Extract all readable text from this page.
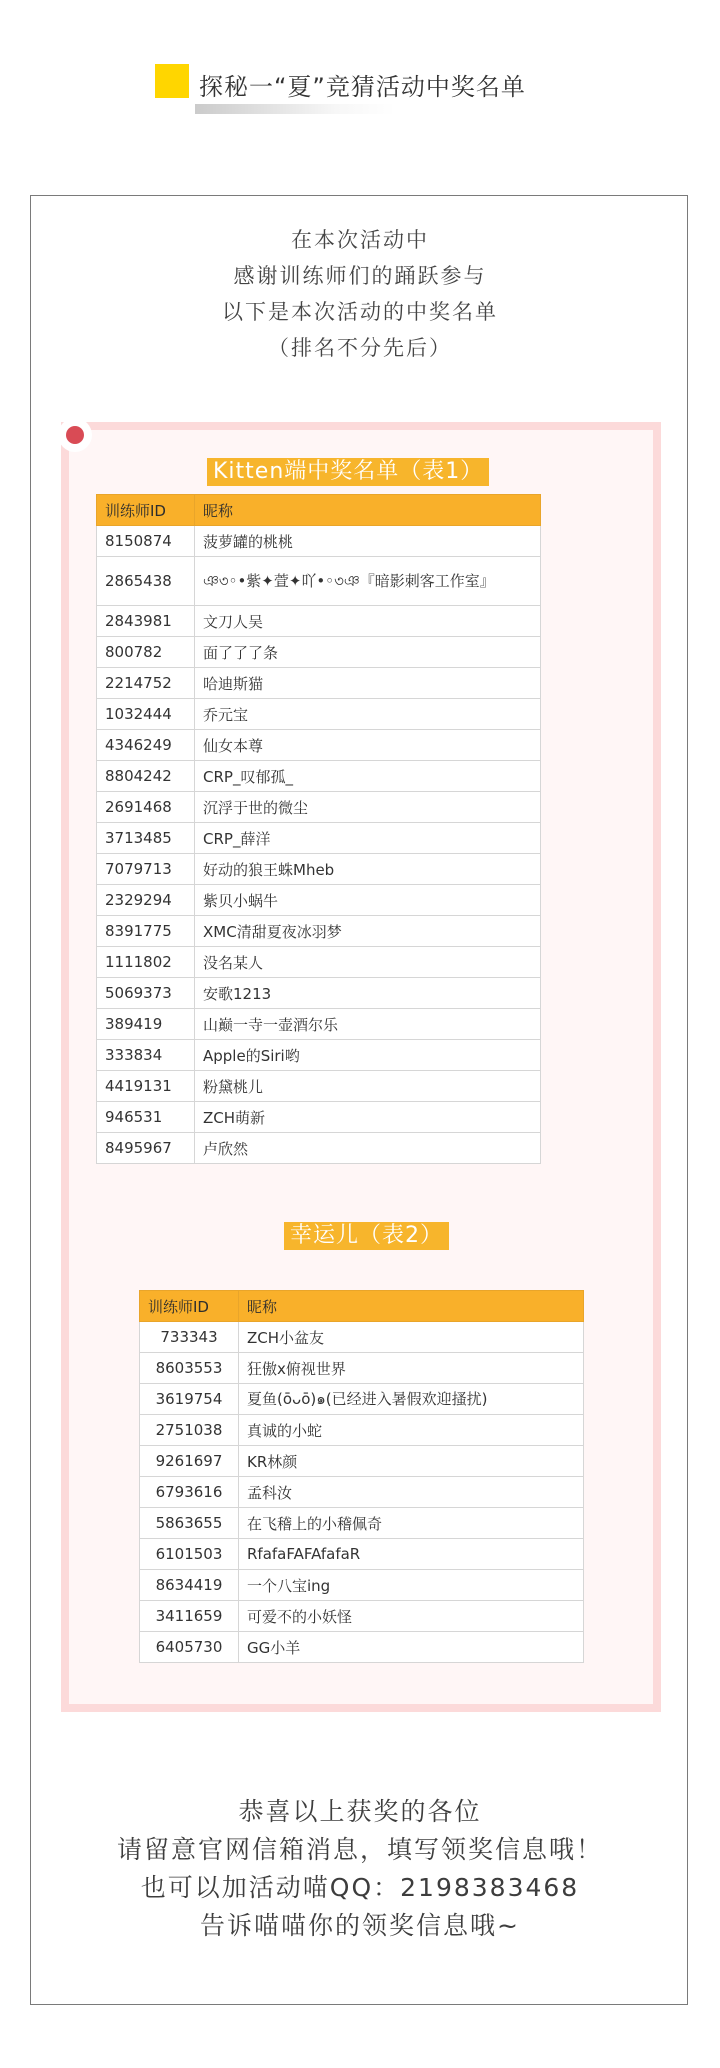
探秘一“夏”竞猜活动中奖名单
在本次活动中
感谢训练师们的踊跃参与
以下是本次活动的中奖名单
（排名不分先后）
Kitten端中奖名单（表1）
训练师ID	昵称
8150874	菠萝罐的桃桃
2865438	ঞ৩◦•紫✦萱✦吖•◦৩ঞ『暗影刺客工作室』
2843981	文刀人吴
800782	面了了了条
2214752	哈迪斯猫
1032444	乔元宝
4346249	仙女本尊
8804242	CRP_叹郁孤_
2691468	沉浮于世的微尘
3713485	CRP_薛洋
7079713	好动的狼王蛛Mheb
2329294	紫贝小蜗牛
8391775	XMC清甜夏夜冰羽梦
1111802	没名某人
5069373	安歌1213
389419	山巅一寺一壶酒尔乐
333834	Apple的Siri哟
4419131	粉黛桃儿
946531	ZCH萌新
8495967	卢欣然
幸运儿（表2）
训练师ID	昵称
733343	ZCH小盆友
8603553	狂傲x俯视世界
3619754	夏鱼(ōᴗō)๑(已经进入暑假欢迎搔扰)
2751038	真诚的小蛇
9261697	KR林颜
6793616	孟科汝
5863655	在飞稽上的小稽佩奇
6101503	RfafaFAFAfafaR
8634419	一个八宝ing
3411659	可爱不的小妖怪
6405730	GG小羊
恭喜以上获奖的各位
请留意官网信箱消息，填写领奖信息哦！
也可以加活动喵QQ：2198383468
告诉喵喵你的领奖信息哦~
